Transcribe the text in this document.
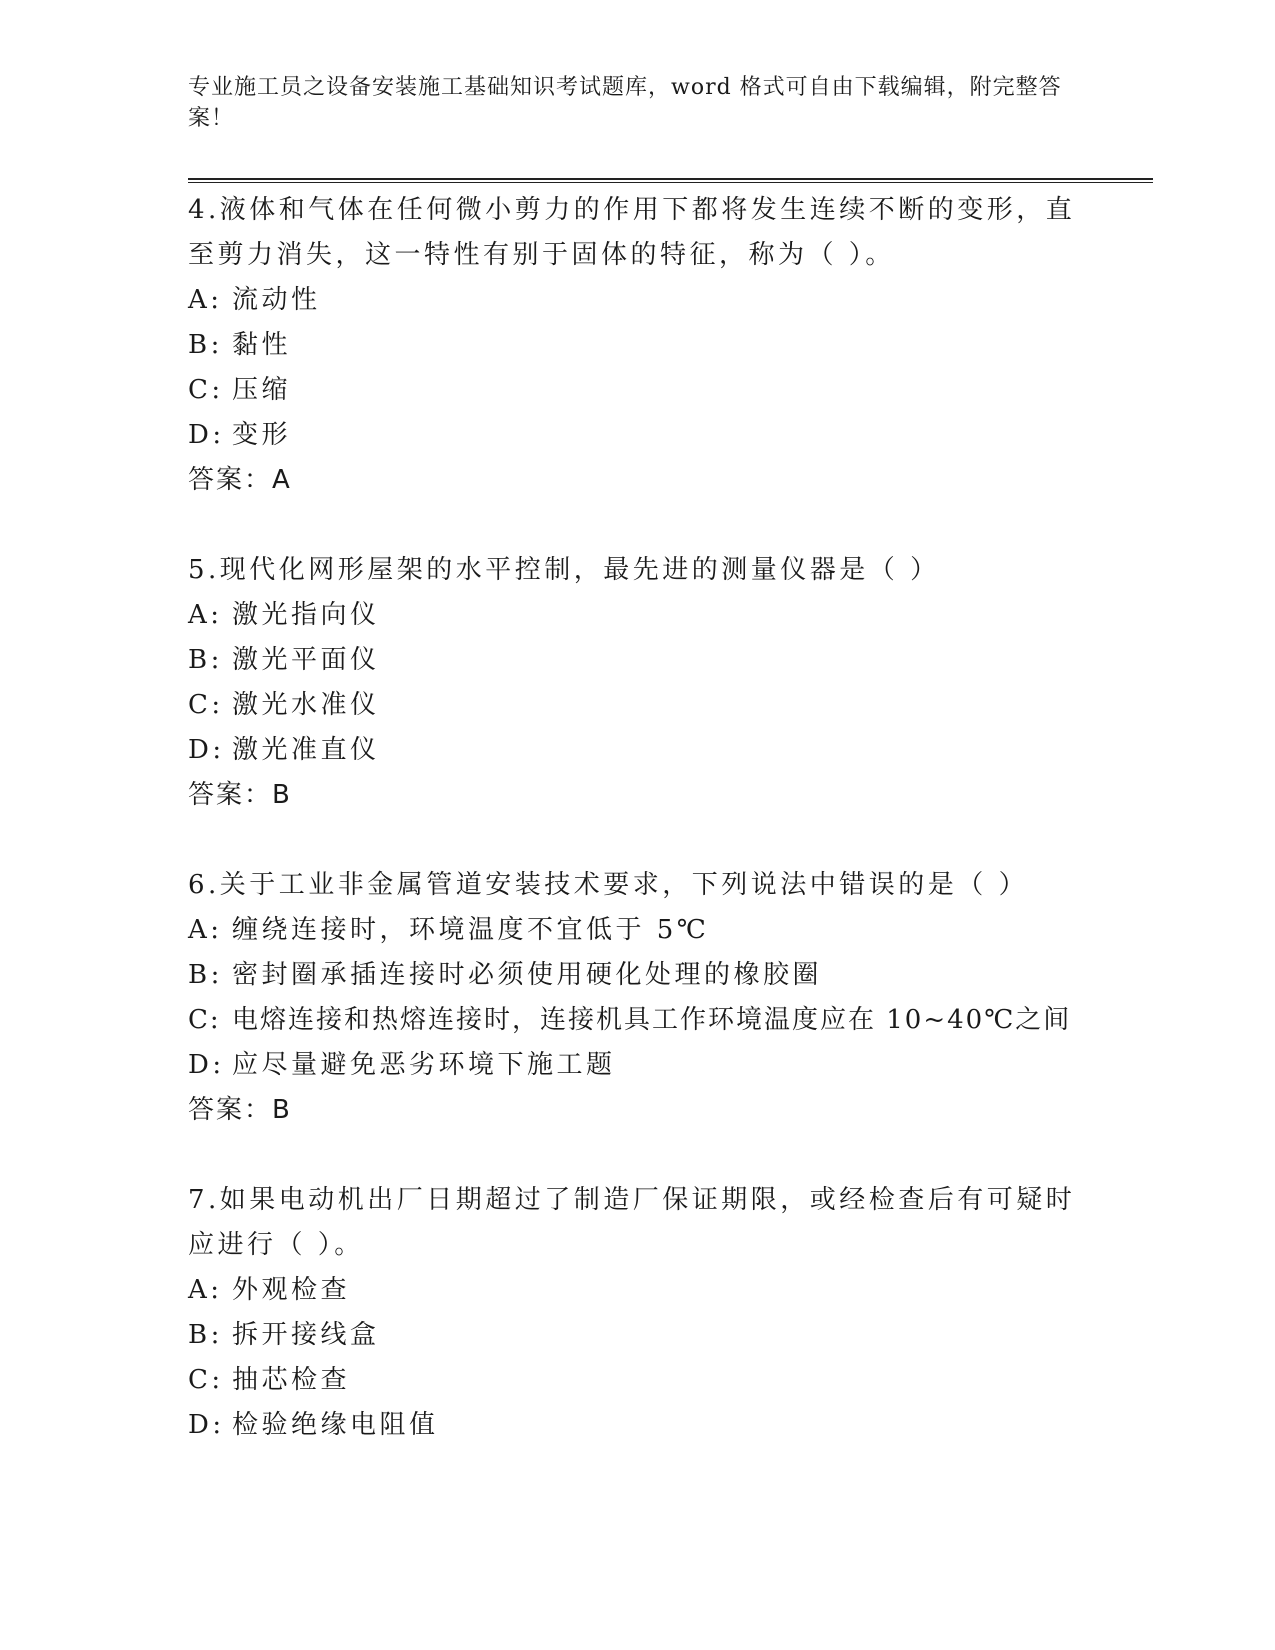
专业施工员之设备安装施工基础知识考试题库，word 格式可自由下载编辑，附完整答案！

4.液体和气体在任何微小剪力的作用下都将发生连续不断的变形，直至剪力消失，这一特性有别于固体的特征，称为（ ）。

A: 流动性

B: 黏性

C: 压缩

D: 变形

答案：A

5.现代化网形屋架的水平控制，最先进的测量仪器是（ ）

A: 激光指向仪

B: 激光平面仪

C: 激光水准仪

D: 激光准直仪

答案：B

6.关于工业非金属管道安装技术要求，下列说法中错误的是（ ）

A: 缠绕连接时，环境温度不宜低于 5℃

B: 密封圈承插连接时必须使用硬化处理的橡胶圈

C: 电熔连接和热熔连接时，连接机具工作环境温度应在 10~40℃之间

D: 应尽量避免恶劣环境下施工题

答案：B

7.如果电动机出厂日期超过了制造厂保证期限，或经检查后有可疑时应进行（ ）。

A: 外观检查

B: 拆开接线盒

C: 抽芯检查

D: 检验绝缘电阻值
